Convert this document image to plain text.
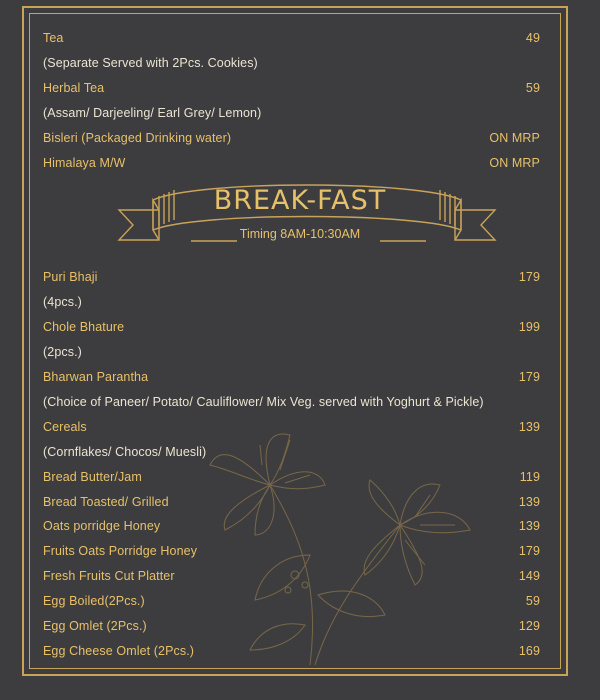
Tea	49
(Separate Served with 2Pcs. Cookies)
Herbal Tea	59
(Assam/ Darjeeling/ Earl Grey/ Lemon)
Bisleri (Packaged Drinking water)	ON MRP
Himalaya M/W	ON MRP
BREAK-FAST
Timing 8AM-10:30AM
Puri Bhaji	179
(4pcs.)
Chole Bhature	199
(2pcs.)
Bharwan Parantha	179
(Choice of Paneer/ Potato/ Cauliflower/ Mix Veg. served with Yoghurt & Pickle)
Cereals	139
(Cornflakes/ Chocos/ Muesli)
Bread Butter/Jam	119
Bread Toasted/ Grilled	139
Oats porridge Honey	139
Fruits Oats Porridge Honey	179
Fresh Fruits Cut Platter	149
Egg Boiled(2Pcs.)	59
Egg Omlet (2Pcs.)	129
Egg Cheese Omlet (2Pcs.)	169
